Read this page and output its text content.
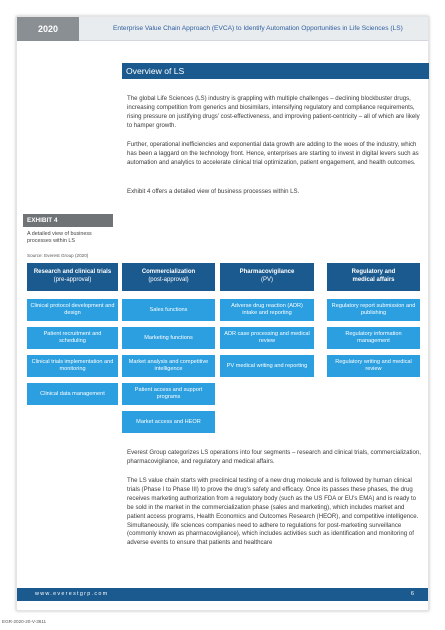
2020	Enterprise Value Chain Approach (EVCA) to Identify Automation Opportunities in Life Sciences (LS)
Overview of LS

The global Life Sciences (LS) industry is grappling with multiple challenges – declining blockbuster drugs, increasing competition from generics and biosimilars, intensifying regulatory and compliance requirements, rising pressure on justifying drugs' cost-effectiveness, and improving patient-centricity – all of which are likely to hamper growth.

Further, operational inefficiencies and exponential data growth are adding to the woes of the industry, which has been a laggard on the technology front. Hence, enterprises are starting to invest in digital levers such as automation and analytics to accelerate clinical trial optimization, patient engagement, and health outcomes.

Exhibit 4 offers a detailed view of business processes within LS.

EXHIBIT 4
A detailed view of business processes within LS
Source: Everest Group (2020)
Research and clinical trials
(pre-approval)
Commercialization
(post-approval)
Pharmacovigilance
(PV)
Regulatory and
medical affairs
Clinical protocol development and design
Patient recruitment and scheduling
Clinical trials implementation and monitoring
Clinical data management
Sales functions
Marketing functions
Market analysis and competitive intelligence
Patient access and support programs
Market access and HEOR
Adverse drug reaction (ADR) intake and reporting
ADR case processing and medical review
PV medical writing and reporting
Regulatory report submission and publishing
Regulatory information management
Regulatory writing and medical review

Everest Group categorizes LS operations into four segments – research and clinical trials, commercialization, pharmacovigilance, and regulatory and medical affairs.

The LS value chain starts with preclinical testing of a new drug molecule and is followed by human clinical trials (Phase I to Phase III) to prove the drug's safety and efficacy. Once its passes these phases, the drug receives marketing authorization from a regulatory body (such as the US FDA or EU's EMA) and is ready to be sold in the market in the commercialization phase (sales and marketing), which includes market and patient access programs, Health Economics and Outcomes Research (HEOR), and competitive intelligence. Simultaneously, life sciences companies need to adhere to regulations for post-marketing surveillance (commonly known as pharmacovigilance), which includes activities such as identification and monitoring of adverse events to ensure that patients and healthcare

www.everestgrp.com	6
EGR-2020-20-V-3611
